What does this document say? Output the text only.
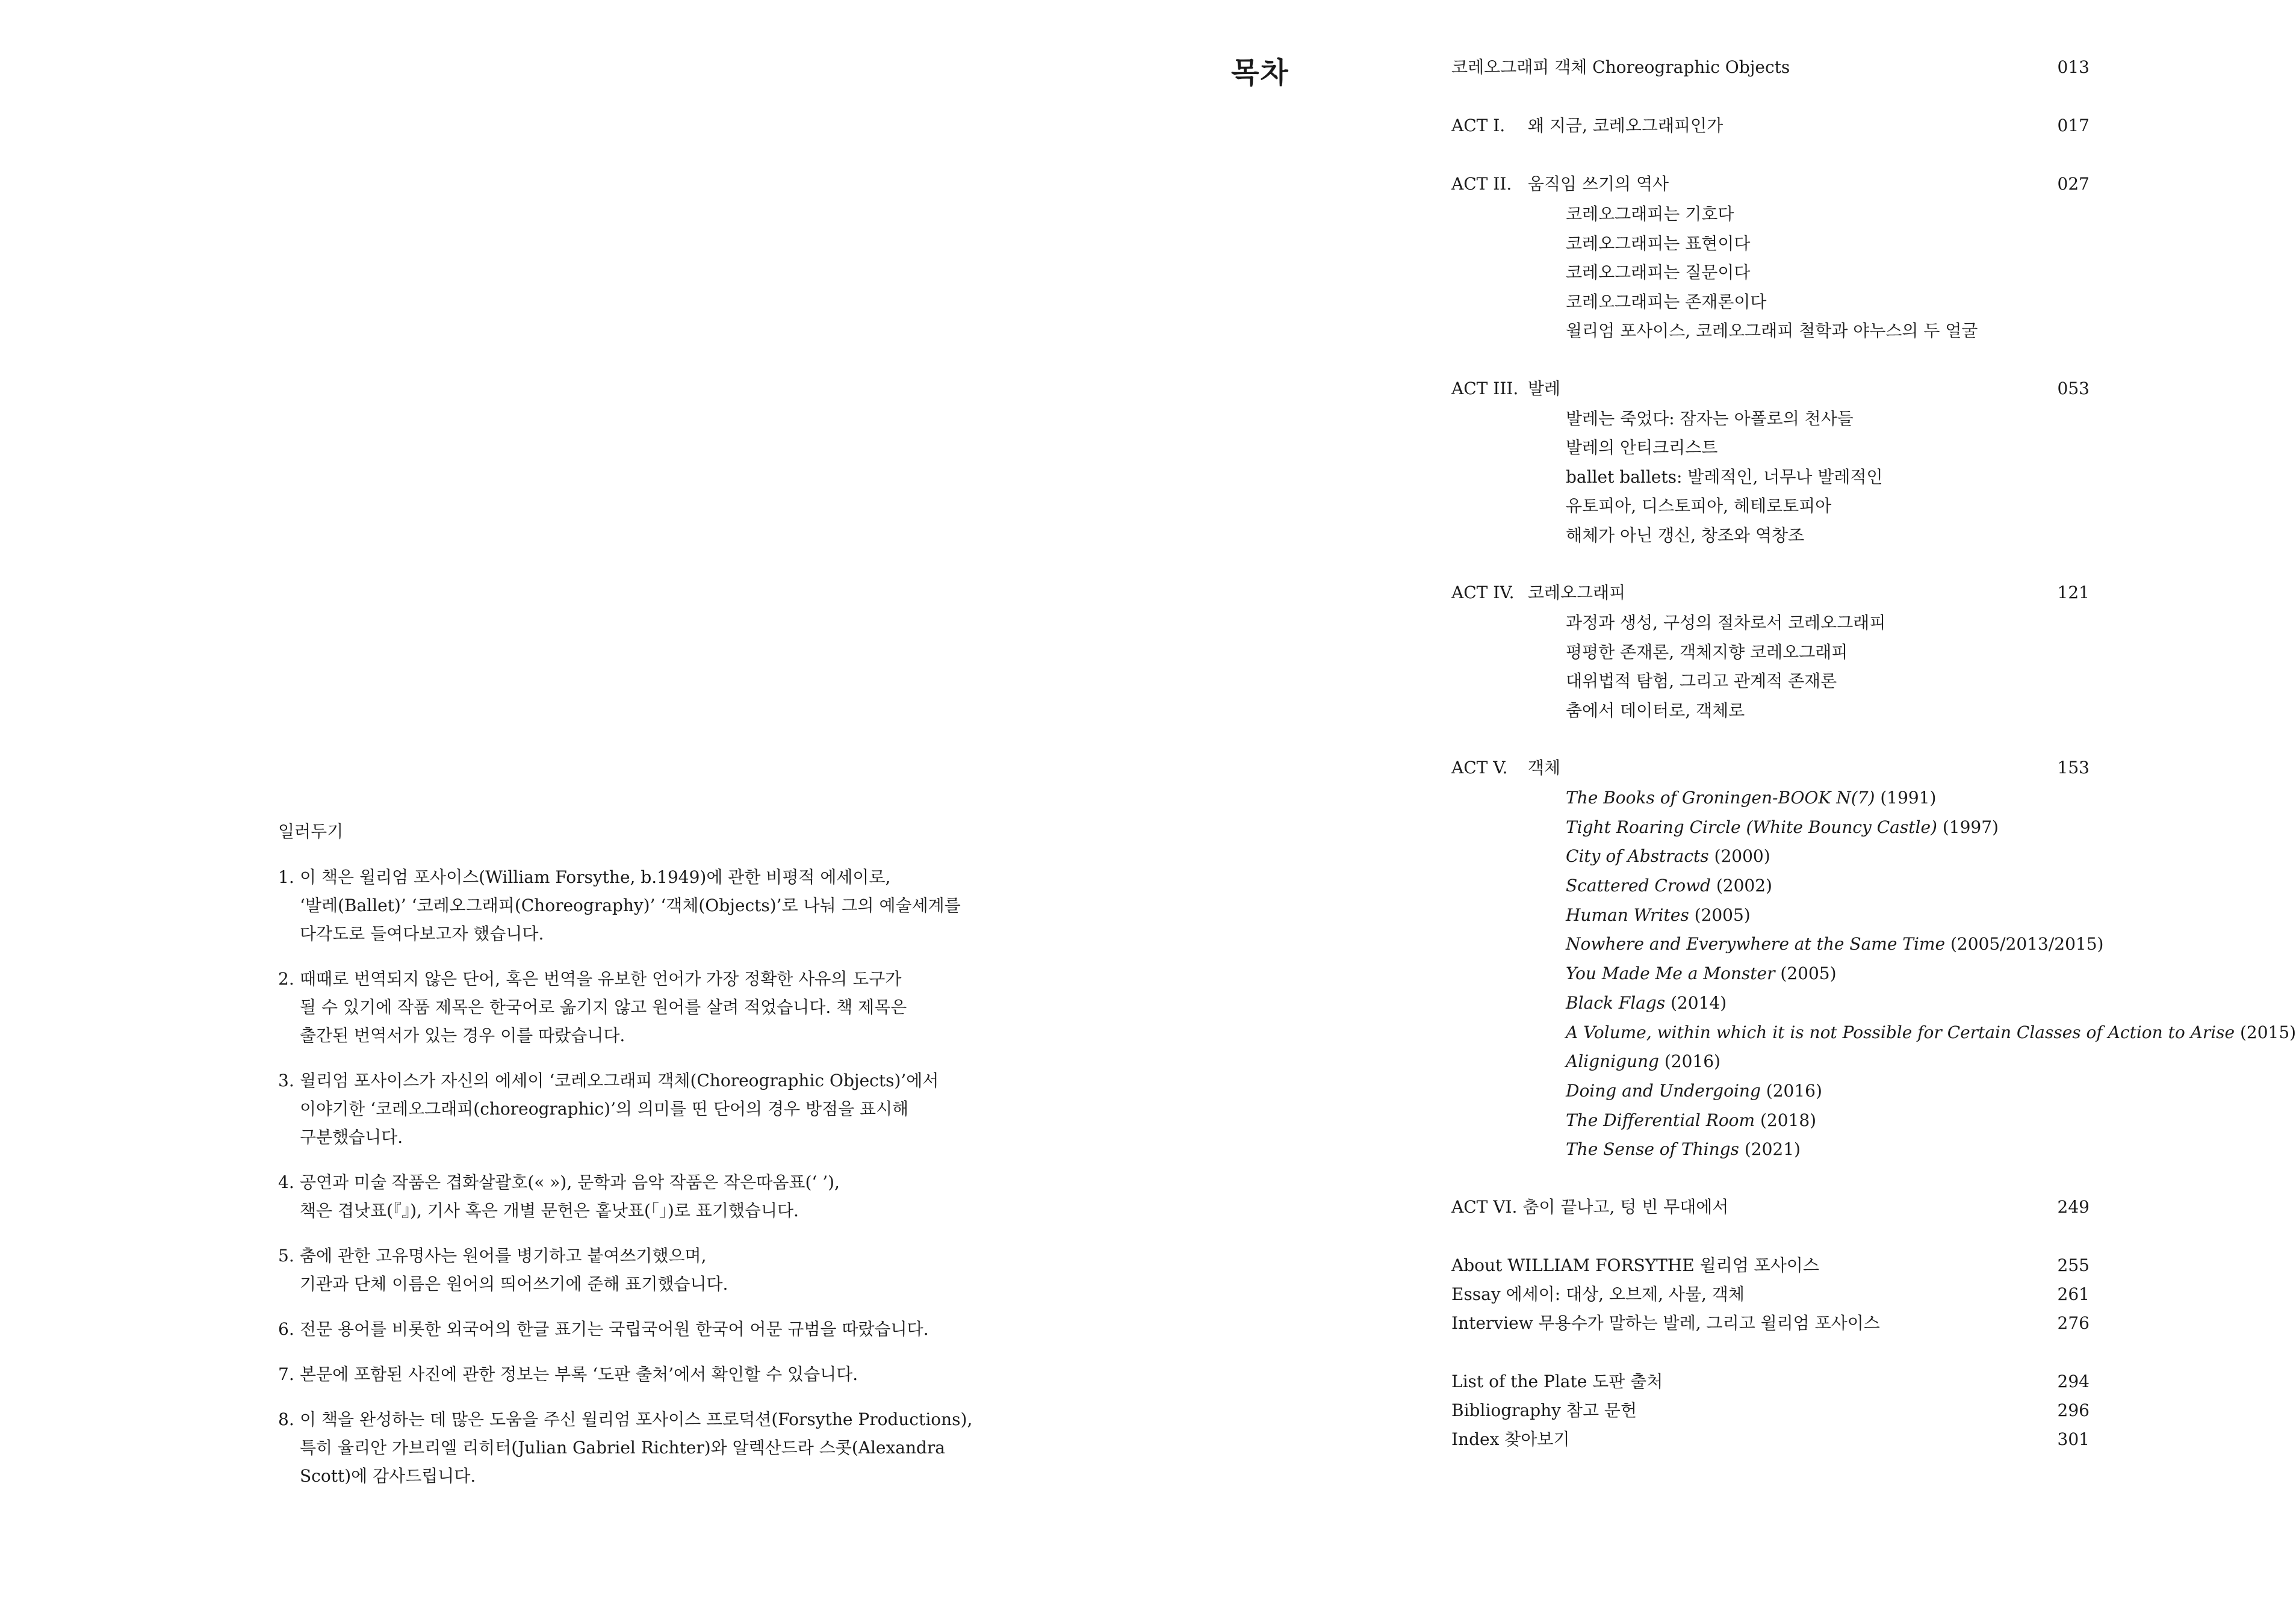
목차
일러두기
1. 이 책은 윌리엄 포사이스(William Forsythe, b.1949)에 관한 비평적 에세이로,
‘발레(Ballet)’ ‘코레오그래피(Choreography)’ ‘객체(Objects)’로 나눠 그의 예술세계를
다각도로 들여다보고자 했습니다.
2. 때때로 번역되지 않은 단어, 혹은 번역을 유보한 언어가 가장 정확한 사유의 도구가
될 수 있기에 작품 제목은 한국어로 옮기지 않고 원어를 살려 적었습니다. 책 제목은
출간된 번역서가 있는 경우 이를 따랐습니다.
3. 윌리엄 포사이스가 자신의 에세이 ‘코레오그래피 객체(Choreographic Objects)’에서
이야기한 ‘코레오그래피(choreographic)’의 의미를 띤 단어의 경우 방점을 표시해
구분했습니다.
4. 공연과 미술 작품은 겹화살괄호(« »), 문학과 음악 작품은 작은따옴표(‘ ’),
책은 겹낫표(『』), 기사 혹은 개별 문헌은 홑낫표(「」)로 표기했습니다.
5. 춤에 관한 고유명사는 원어를 병기하고 붙여쓰기했으며,
기관과 단체 이름은 원어의 띄어쓰기에 준해 표기했습니다.
6. 전문 용어를 비롯한 외국어의 한글 표기는 국립국어원 한국어 어문 규범을 따랐습니다.
7. 본문에 포함된 사진에 관한 정보는 부록 ‘도판 출처’에서 확인할 수 있습니다.
8. 이 책을 완성하는 데 많은 도움을 주신 윌리엄 포사이스 프로덕션(Forsythe Productions),
특히 율리안 가브리엘 리히터(Julian Gabriel Richter)와 알렉산드라 스콧(Alexandra
Scott)에 감사드립니다.
코레오그래피 객체 Choreographic Objects	013
ACT I. 왜 지금, 코레오그래피인가	017
ACT II. 움직임 쓰기의 역사	027
코레오그래피는 기호다
코레오그래피는 표현이다
코레오그래피는 질문이다
코레오그래피는 존재론이다
윌리엄 포사이스, 코레오그래피 철학과 야누스의 두 얼굴
ACT III. 발레	053
발레는 죽었다: 잠자는 아폴로의 천사들
발레의 안티크리스트
ballet ballets: 발레적인, 너무나 발레적인
유토피아, 디스토피아, 헤테로토피아
해체가 아닌 갱신, 창조와 역창조
ACT IV. 코레오그래피	121
과정과 생성, 구성의 절차로서 코레오그래피
평평한 존재론, 객체지향 코레오그래피
대위법적 탐험, 그리고 관계적 존재론
춤에서 데이터로, 객체로
ACT V. 객체	153
The Books of Groningen-BOOK N(7) (1991)
Tight Roaring Circle (White Bouncy Castle) (1997)
City of Abstracts (2000)
Scattered Crowd (2002)
Human Writes (2005)
Nowhere and Everywhere at the Same Time (2005/2013/2015)
You Made Me a Monster (2005)
Black Flags (2014)
A Volume, within which it is not Possible for Certain Classes of Action to Arise (2015)
Alignigung (2016)
Doing and Undergoing (2016)
The Differential Room (2018)
The Sense of Things (2021)
ACT VI. 춤이 끝나고, 텅 빈 무대에서	249
About WILLIAM FORSYTHE 윌리엄 포사이스	255
Essay 에세이: 대상, 오브제, 사물, 객체	261
Interview 무용수가 말하는 발레, 그리고 윌리엄 포사이스	276
List of the Plate 도판 출처	294
Bibliography 참고 문헌	296
Index 찾아보기	301
